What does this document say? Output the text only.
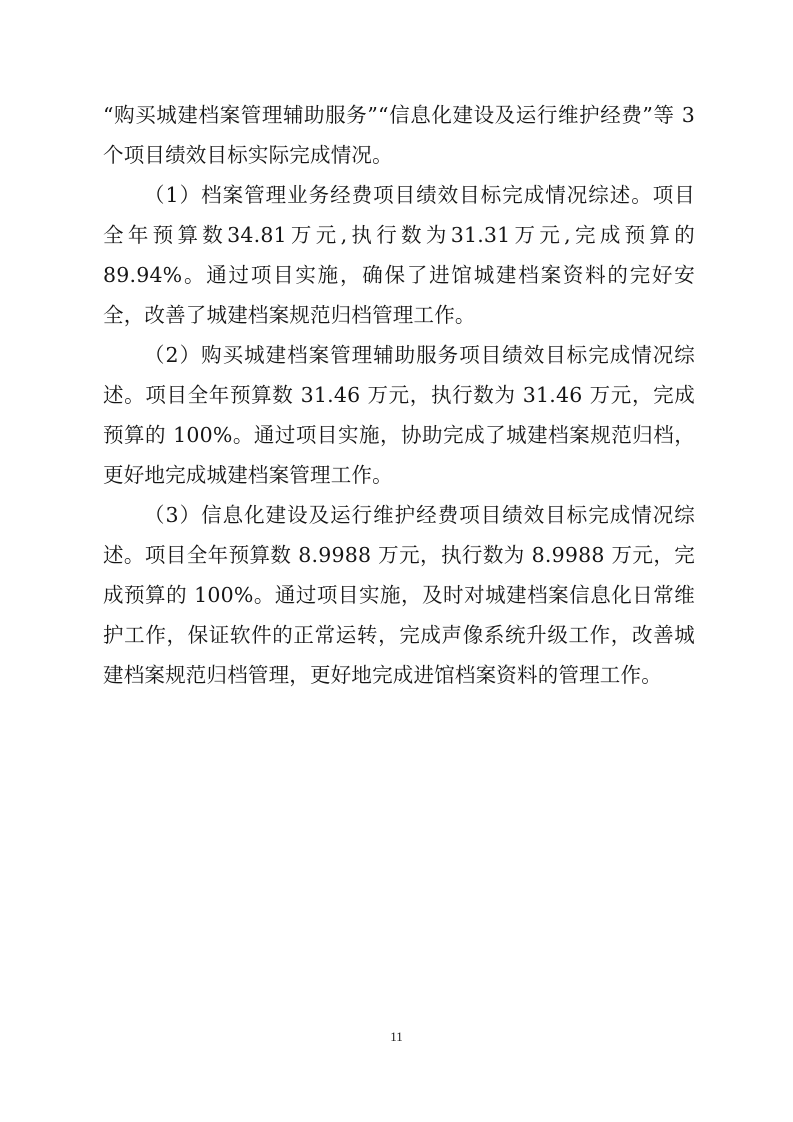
“购买城建档案管理辅助服务”“信息化建设及运行维护经费”等 3 个项目绩效目标实际完成情况。

（1）档案管理业务经费项目绩效目标完成情况综述。项目全年预算数34.81万元,执行数为31.31万元,完成预算的89.94%。通过项目实施，确保了进馆城建档案资料的完好安全，改善了城建档案规范归档管理工作。

（2）购买城建档案管理辅助服务项目绩效目标完成情况综述。项目全年预算数 31.46 万元，执行数为 31.46 万元，完成预算的 100%。通过项目实施，协助完成了城建档案规范归档，更好地完成城建档案管理工作。

（3）信息化建设及运行维护经费项目绩效目标完成情况综述。项目全年预算数 8.9988 万元，执行数为 8.9988 万元，完成预算的 100%。通过项目实施，及时对城建档案信息化日常维护工作，保证软件的正常运转，完成声像系统升级工作，改善城建档案规范归档管理，更好地完成进馆档案资料的管理工作。

11
